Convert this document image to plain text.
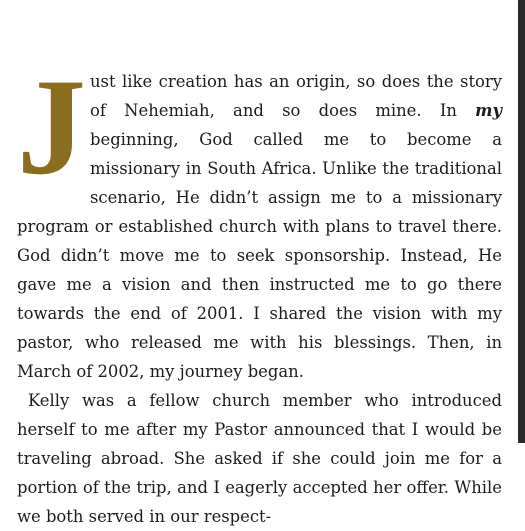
Just like creation has an origin, so does the story of Nehemiah, and so does mine. In my beginning, God called me to become a missionary in South Africa. Unlike the traditional scenario, He didn’t assign me to a missionary program or established church with plans to travel there. God didn’t move me to seek sponsorship. Instead, He gave me a vision and then instructed me to go there towards the end of 2001. I shared the vision with my pastor, who released me with his blessings. Then, in March of 2002, my journey began.

Kelly was a fellow church member who introduced herself to me after my Pastor announced that I would be traveling abroad. She asked if she could join me for a portion of the trip, and I eagerly accepted her offer. While we both served in our respect-
